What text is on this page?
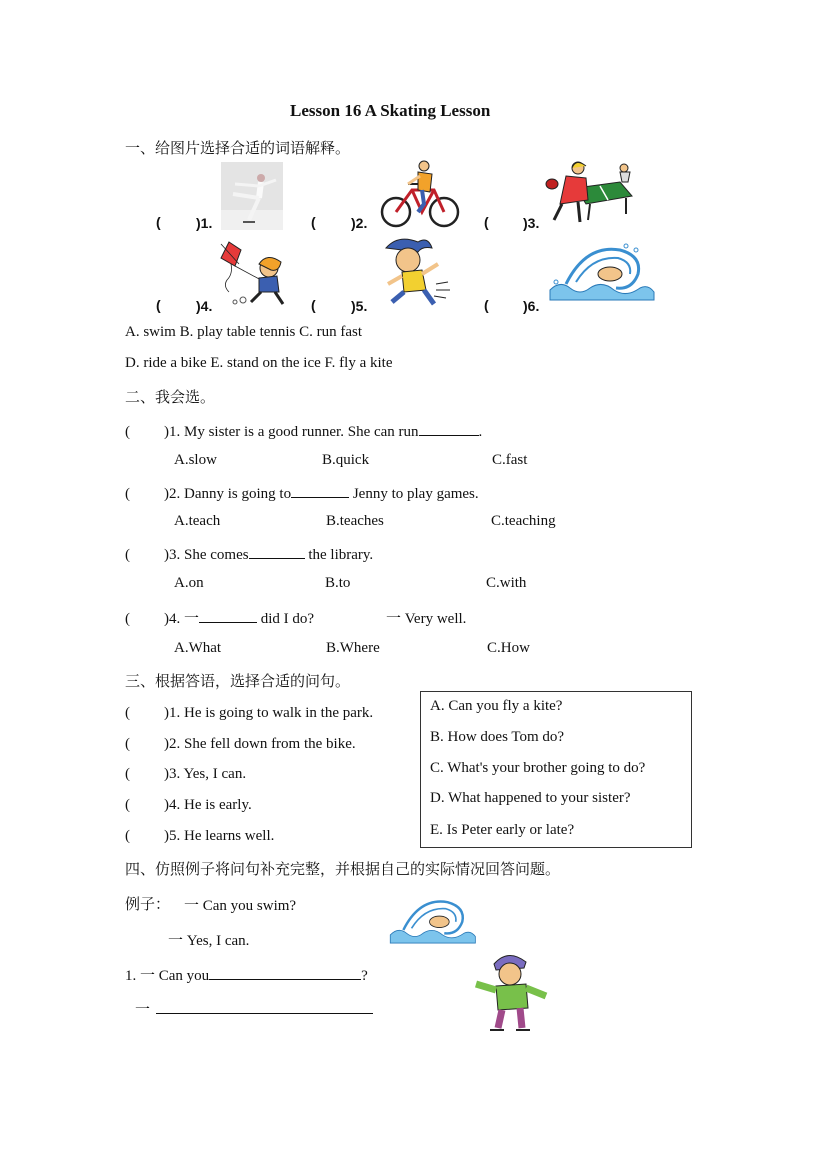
Lesson 16 A Skating Lesson
一、给图片选择合适的词语解释。
(	)1.	(	)2.	( )3.
(	)4.	(	)5.	( )6.
A. swim B. play table tennis C. run fast
D. ride a bike E. stand on the ice F. fly a kite
二、我会选。
( )1. My sister is a good runner. She can run	.
A.slow	B.quick	C.fast
( )2. Danny is going to	Jenny to play games.
A.teach	B.teaches	C.teaching
( )3. She comes	the library.
A.on	B.to	C.with
( )4. 一	did I do?	一 Very well.
A.What	B.Where	C.How
三、根据答语，选择合适的问句。
( )1. He is going to walk in the park.
( )2. She fell down from the bike.
( )3. Yes, I can.
( )4. He is early.
( )5. He learns well.
A. Can you fly a kite?
B. How does Tom do?
C. What's your brother going to do?
D. What happened to your sister?
E. Is Peter early or late?
四、仿照例子将问句补充完整，并根据自己的实际情况回答问题。
例子： 一 Can you swim?
一 Yes, I can.
1. 一 Can you	?
一
